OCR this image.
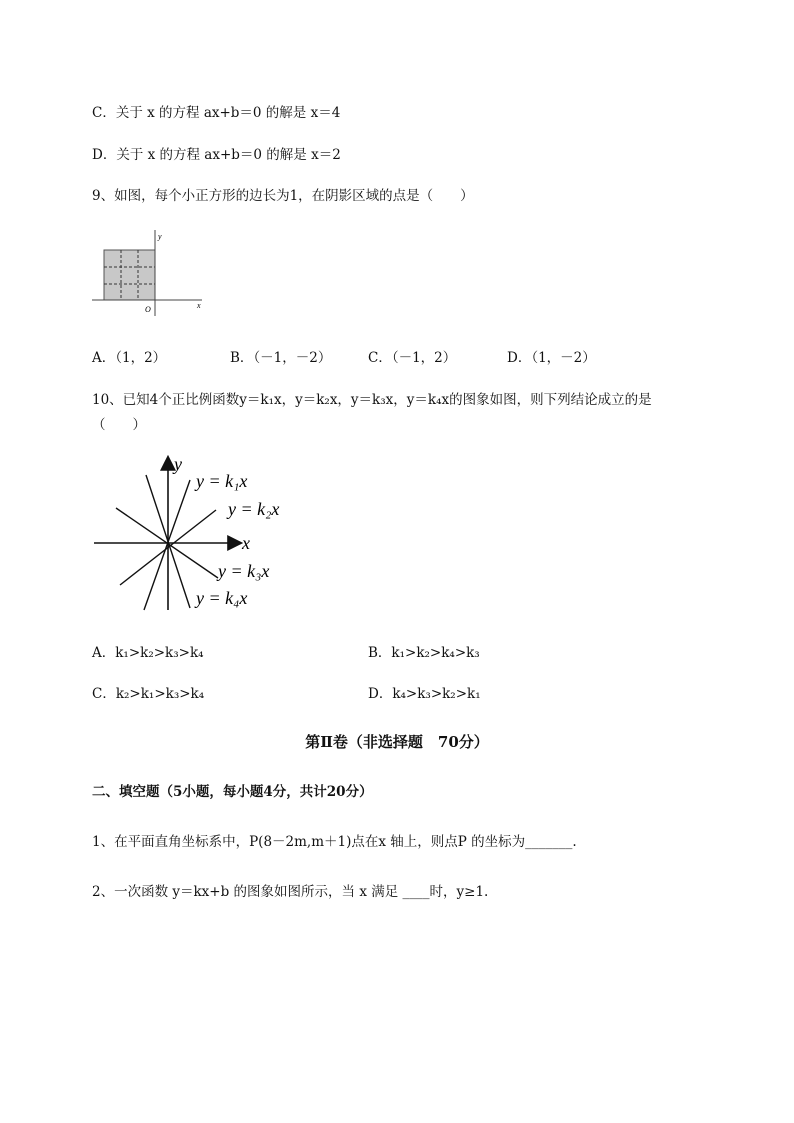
C．关于 x 的方程 ax+b＝0 的解是 x＝4
D．关于 x 的方程 ax+b＝0 的解是 x＝2
9、如图，每个小正方形的边长为1，在阴影区域的点是（　　）
y
x
O
A．（1，2）	B．（－1，－2）	C．（－1，2）	D．（1，－2）
10、已知4个正比例函数y＝k₁x，y＝k₂x，y＝k₃x，y＝k₄x的图象如图，则下列结论成立的是
（　　）
y
x
y = k₁x
y = k₂x
y = k₃x
y = k₄x
A．k₁>k₂>k₃>k₄	B．k₁>k₂>k₄>k₃
C．k₂>k₁>k₃>k₄	D．k₄>k₃>k₂>k₁
第Ⅱ卷（非选择题　70分）
二、填空题（5小题，每小题4分，共计20分）
1、在平面直角坐标系中，P(8－2m,m＋1)点在x 轴上，则点P 的坐标为_______.
2、一次函数 y＝kx+b 的图象如图所示，当 x 满足 ____时，y≥1.
